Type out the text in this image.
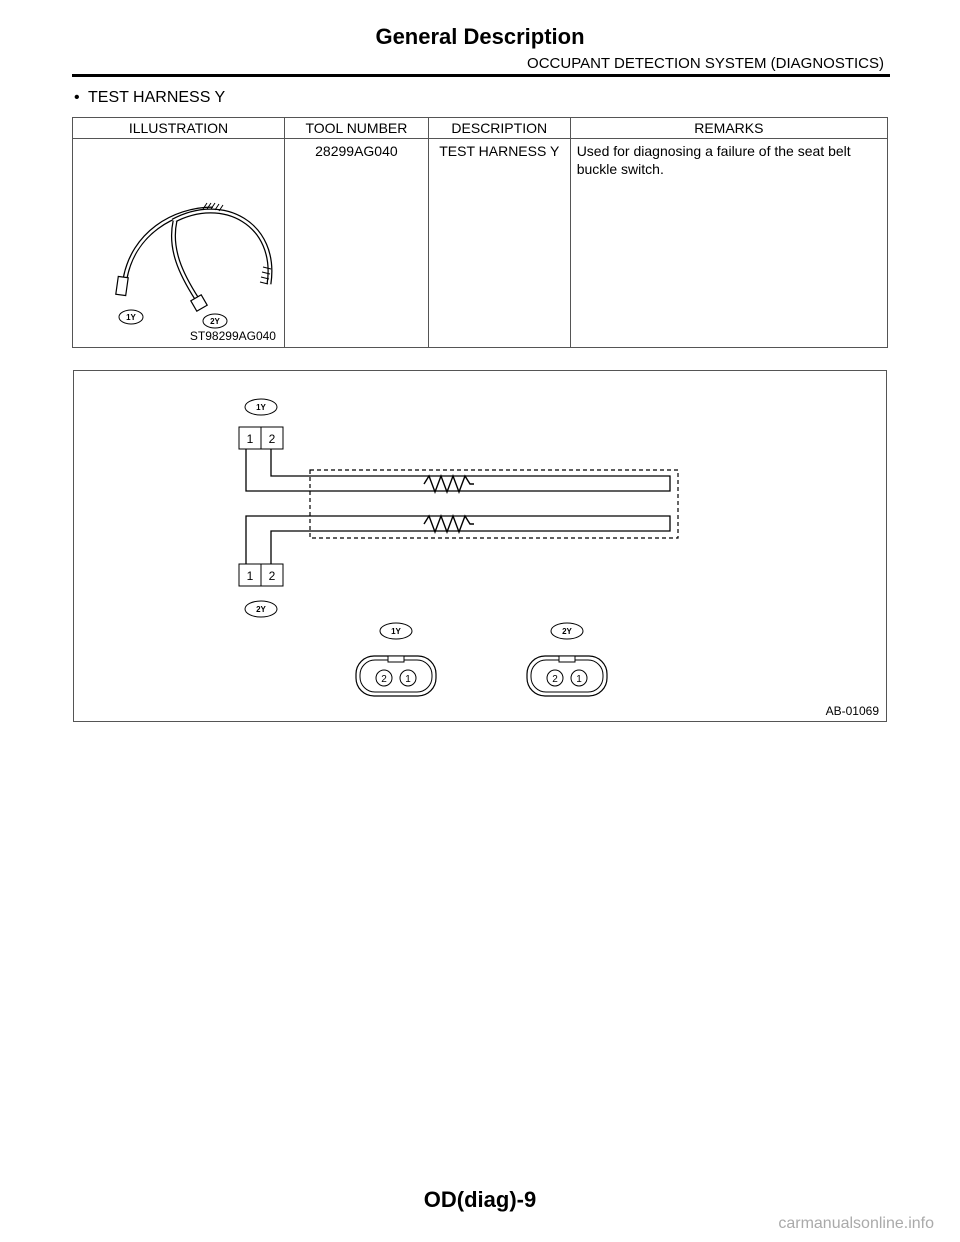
General Description
OCCUPANT DETECTION SYSTEM (DIAGNOSTICS)
• TEST HARNESS Y
ILLUSTRATION	TOOL NUMBER	DESCRIPTION	REMARKS

1Y 2Y
ST98299AG040	28299AG040	TEST HARNESS Y	Used for diagnosing a failure of the seat belt buckle switch.
1Y
1 2
1 2
2Y
1Y
2 1
2Y
2 1
AB-01069
OD(diag)-9
carmanualsonline.info
